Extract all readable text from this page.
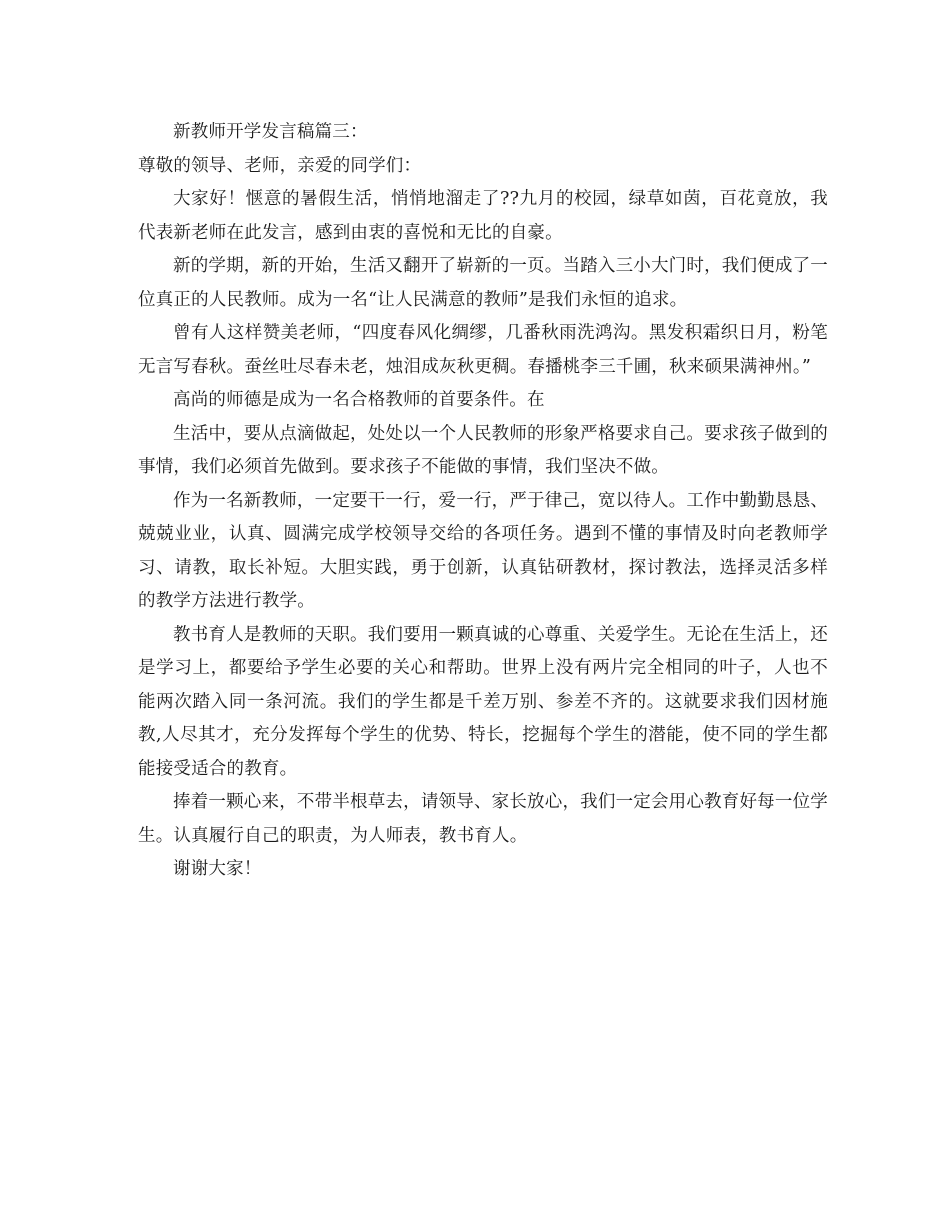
新教师开学发言稿篇三：

尊敬的领导、老师，亲爱的同学们：

大家好！惬意的暑假生活，悄悄地溜走了??九月的校园，绿草如茵，百花竟放，我代表新老师在此发言，感到由衷的喜悦和无比的自豪。

新的学期，新的开始，生活又翻开了崭新的一页。当踏入三小大门时，我们便成了一位真正的人民教师。成为一名“让人民满意的教师”是我们永恒的追求。

曾有人这样赞美老师，“四度春风化绸缪，几番秋雨洗鸿沟。黑发积霜织日月，粉笔无言写春秋。蚕丝吐尽春未老，烛泪成灰秋更稠。春播桃李三千圃，秋来硕果满神州。”

高尚的师德是成为一名合格教师的首要条件。在

生活中，要从点滴做起，处处以一个人民教师的形象严格要求自己。要求孩子做到的事情，我们必须首先做到。要求孩子不能做的事情，我们坚决不做。

作为一名新教师，一定要干一行，爱一行，严于律己，宽以待人。工作中勤勤恳恳、兢兢业业，认真、圆满完成学校领导交给的各项任务。遇到不懂的事情及时向老教师学习、请教，取长补短。大胆实践，勇于创新，认真钻研教材，探讨教法，选择灵活多样的教学方法进行教学。

教书育人是教师的天职。我们要用一颗真诚的心尊重、关爱学生。无论在生活上，还是学习上，都要给予学生必要的关心和帮助。世界上没有两片完全相同的叶子，人也不能两次踏入同一条河流。我们的学生都是千差万别、参差不齐的。这就要求我们因材施教,人尽其才，充分发挥每个学生的优势、特长，挖掘每个学生的潜能，使不同的学生都能接受适合的教育。

捧着一颗心来，不带半根草去，请领导、家长放心，我们一定会用心教育好每一位学生。认真履行自己的职责，为人师表，教书育人。

谢谢大家！
